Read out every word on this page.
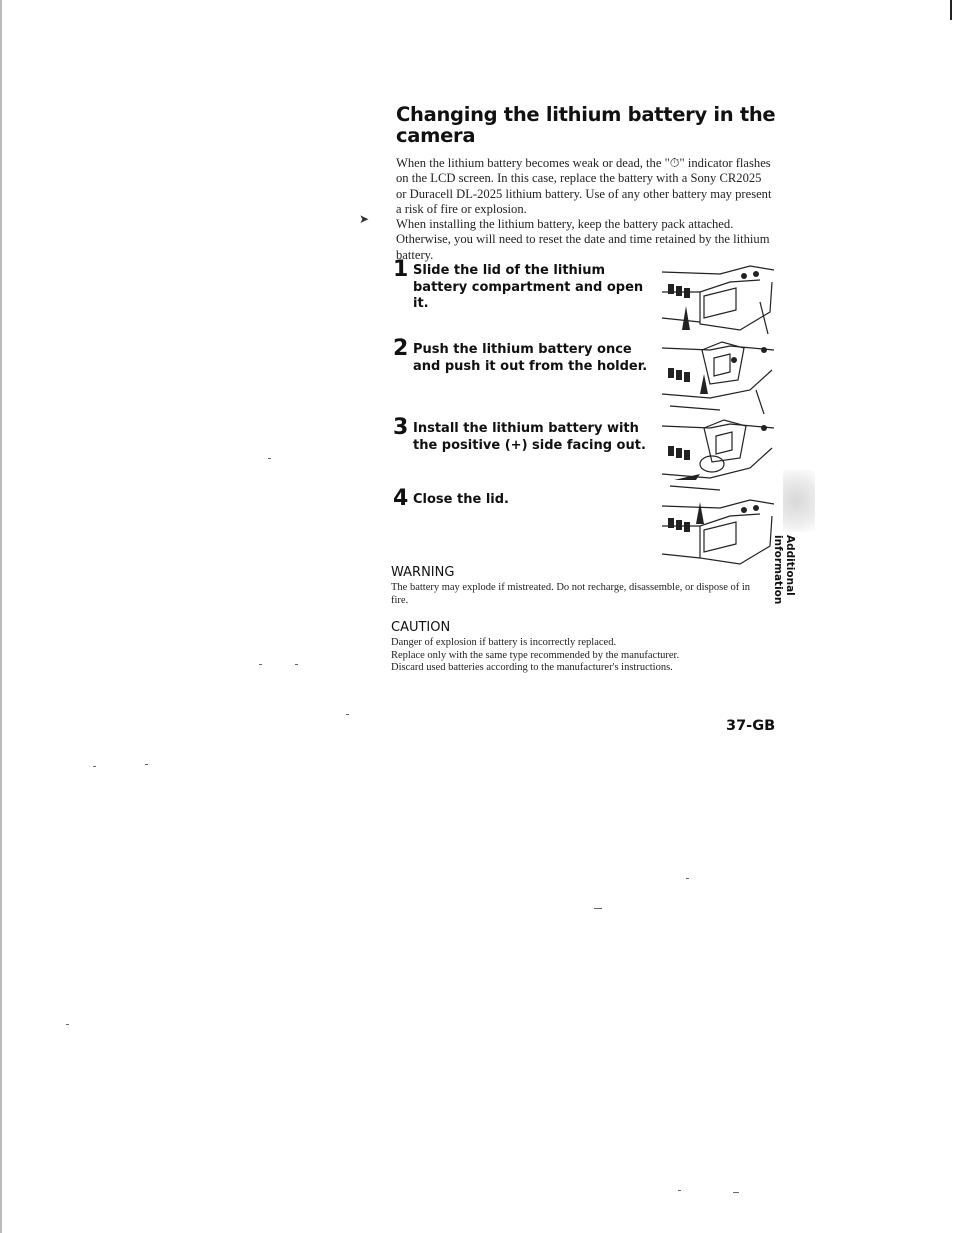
Changing the lithium battery in the camera
➤

When the lithium battery becomes weak or dead, the "⏱" indicator flashes on the LCD screen. In this case, replace the battery with a Sony CR2025 or Duracell DL-2025 lithium battery. Use of any other battery may present a risk of fire or explosion.

When installing the lithium battery, keep the battery pack attached. Otherwise, you will need to reset the date and time retained by the lithium battery.

1 Slide the lid of the lithium battery compartment and open it.
2 Push the lithium battery once and push it out from the holder.
3 Install the lithium battery with the positive (+) side facing out.
4 Close the lid.
WARNING
The battery may explode if mistreated. Do not recharge, disassemble, or dispose of in fire.
CAUTION

Danger of explosion if battery is incorrectly replaced.

Replace only with the same type recommended by the manufacturer.

Discard used batteries according to the manufacturer's instructions.

Additional information
37-GB
